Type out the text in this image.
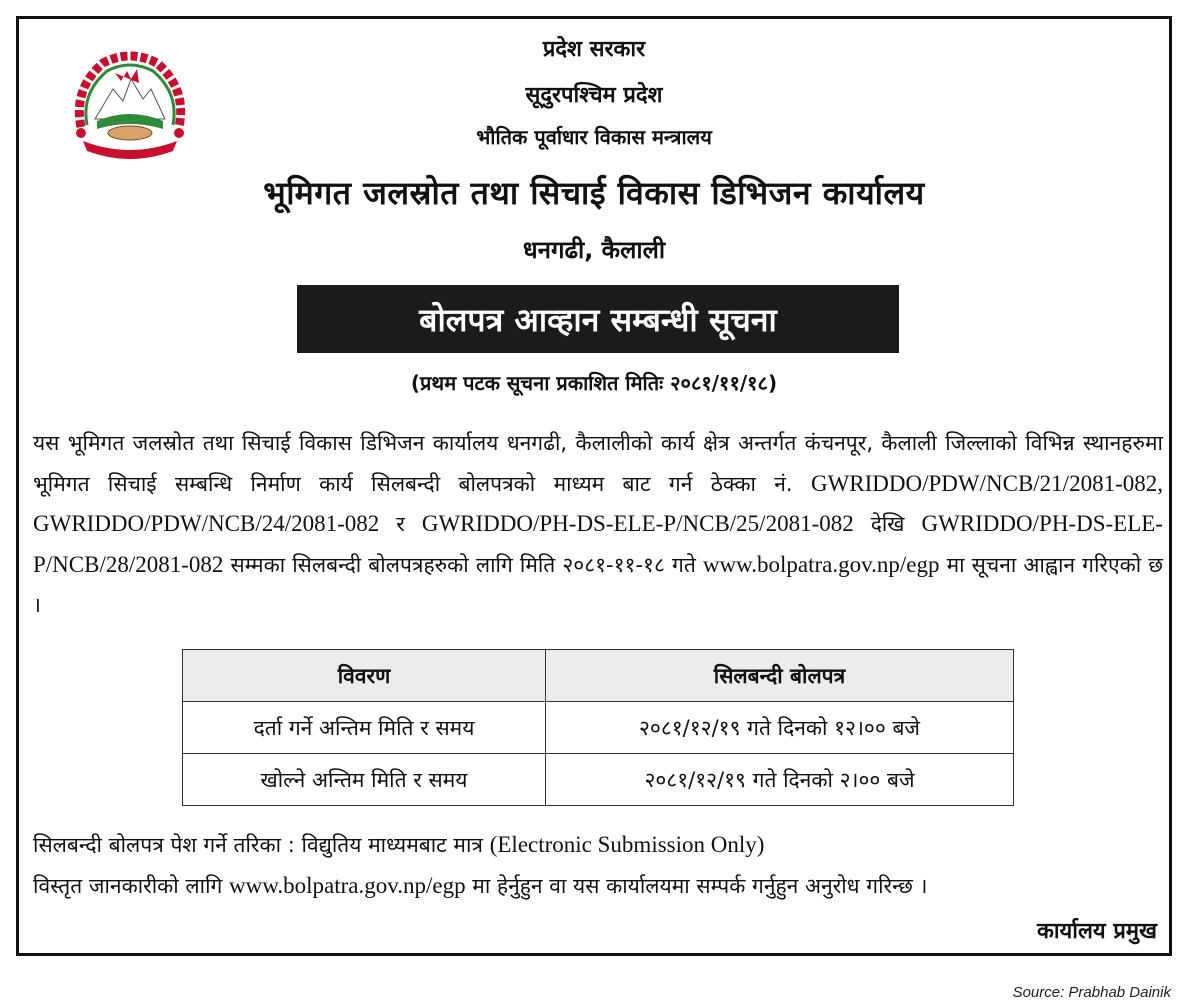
प्रदेश सरकार
सूदुरपश्चिम प्रदेश
भौतिक पूर्वाधार विकास मन्त्रालय
भूमिगत जलस्रोत तथा सिचाई विकास डिभिजन कार्यालय
धनगढी, कैलाली
बोलपत्र आव्हान सम्बन्धी सूचना
(प्रथम पटक सूचना प्रकाशित मितिः २०८१/११/१८)

यस भूमिगत जलस्रोत तथा सिचाई विकास डिभिजन कार्यालय धनगढी, कैलालीको कार्य क्षेत्र अन्तर्गत कंचनपूर, कैलाली जिल्लाको विभिन्न स्थानहरुमा भूमिगत सिचाई सम्बन्धि निर्माण कार्य सिलबन्दी बोलपत्रको माध्यम बाट गर्न ठेक्का नं. GWRIDDO/PDW/NCB/21/2081-082, GWRIDDO/PDW/NCB/24/2081-082 र GWRIDDO/PH-DS-ELE-P/NCB/25/2081-082 देखि GWRIDDO/PH-DS-ELE-P/NCB/28/2081-082 सम्मका सिलबन्दी बोलपत्रहरुको लागि मिति २०८१-११-१८ गते www.bolpatra.gov.np/egp मा सूचना आह्वान गरिएको छ ।

विवरण	सिलबन्दी बोलपत्र
दर्ता गर्ने अन्तिम मिति र समय	२०८१/१२/१९ गते दिनको १२।०० बजे
खोल्ने अन्तिम मिति र समय	२०८१/१२/१९ गते दिनको २।०० बजे
सिलबन्दी बोलपत्र पेश गर्ने तरिका : विद्युतिय माध्यमबाट मात्र (Electronic Submission Only)
विस्तृत जानकारीको लागि www.bolpatra.gov.np/egp मा हेर्नुहुन वा यस कार्यालयमा सम्पर्क गर्नुहुन अनुरोध गरिन्छ ।
कार्यालय प्रमुख
Source: Prabhab Dainik
